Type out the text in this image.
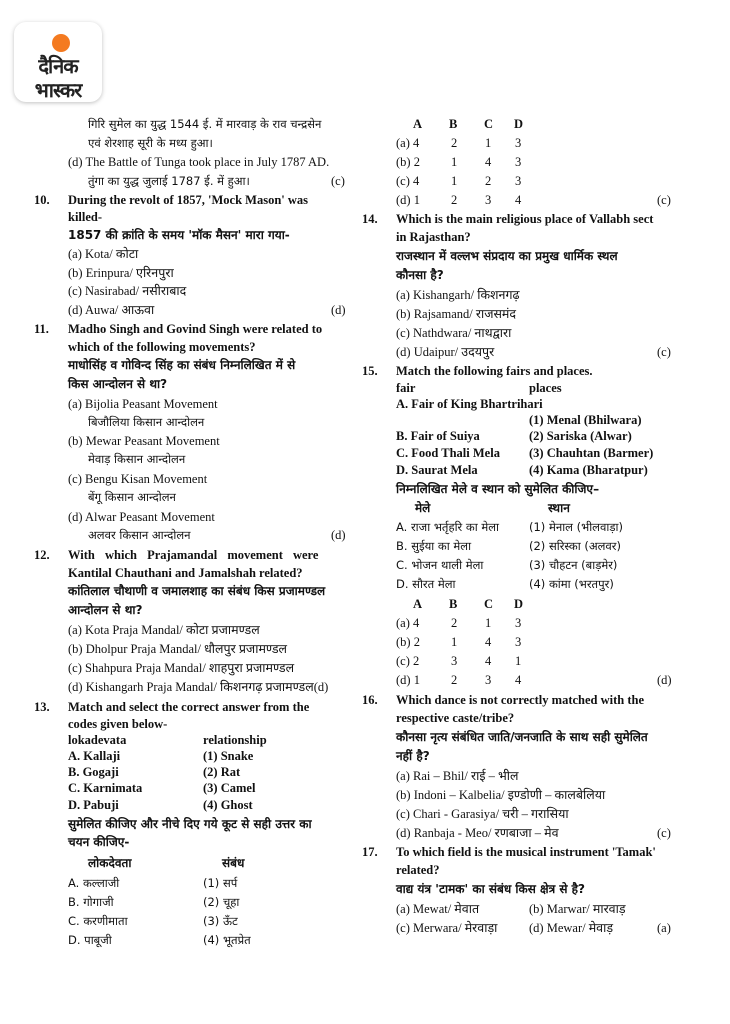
दैनिक
भास्कर
गिरि सुमेल का युद्ध 1544 ई. में मारवाड़ के राव चन्द्रसेन
एवं शेरशाह सूरी के मध्य हुआ।
(d) The Battle of Tunga took place in July 1787 AD.
तुंगा का युद्ध जुलाई 1787 ई. में हुआ।	(c)
10. During the revolt of 1857, 'Mock Mason' was
killed-
1857 की क्रांति के समय 'मॉक मैसन' मारा गया-
(a) Kota/ कोटा
(b) Erinpura/ एरिनपुरा
(c) Nasirabad/ नसीराबाद
(d) Auwa/ आऊवा	(d)
11. Madho Singh and Govind Singh were related to
which of the following movements?
माधोसिंह व गोविन्द सिंह का संबंध निम्नलिखित में से
किस आन्दोलन से था?
(a) Bijolia Peasant Movement
बिजौलिया किसान आन्दोलन
(b) Mewar Peasant Movement
मेवाड़ किसान आन्दोलन
(c) Bengu Kisan Movement
बेंगू किसान आन्दोलन
(d) Alwar Peasant Movement
अलवर किसान आन्दोलन	(d)
12. With which Prajamandal movement were
Kantilal Chauthani and Jamalshah related?
कांतिलाल चौथाणी व जमालशाह का संबंध किस प्रजामण्डल
आन्दोलन से था?
(a) Kota Praja Mandal/ कोटा प्रजामण्डल
(b) Dholpur Praja Mandal/ धौलपुर प्रजामण्डल
(c) Shahpura Praja Mandal/ शाहपुरा प्रजामण्डल
(d) Kishangarh Praja Mandal/ किशनगढ़ प्रजामण्डल(d)
13. Match and select the correct answer from the
codes given below-
lokadevata	relationship
A. Kallaji	(1) Snake
B. Gogaji	(2) Rat
C. Karnimata	(3) Camel
D. Pabuji	(4) Ghost
सुमेलित कीजिए और नीचे दिए गये कूट से सही उत्तर का
चयन कीजिए-
लोकदेवता	संबंध
A. कल्लाजी	(1) सर्प
B. गोगाजी	(2) चूहा
C. करणीमाता	(3) ऊँट
D. पाबूजी	(4) भूतप्रेत
A B C D
(a) 4	2 1 3
(b) 2 1 4 3
(c) 4	1 2 3
(d) 1 2 3 4	(c)
14. Which is the main religious place of Vallabh sect
in Rajasthan?
राजस्थान में वल्लभ संप्रदाय का प्रमुख धार्मिक स्थल
कौनसा है?
(a) Kishangarh/ किशनगढ़
(b) Rajsamand/ राजसमंद
(c) Nathdwara/ नाथद्वारा
(d) Udaipur/ उदयपुर	(c)
15. Match the following fairs and places.
fair	places
A. Fair of King Bhartrihari
(1) Menal (Bhilwara)
B. Fair of Suiya	(2) Sariska (Alwar)
C. Food Thali Mela (3) Chauhtan (Barmer)
D. Saurat Mela	(4) Kama (Bharatpur)
निम्नलिखित मेले व स्थान को सुमेलित कीजिए–
मेले	स्थान
A. राजा भर्तृहरि का मेला	(1) मेनाल (भीलवाड़ा)
B. सुईया का मेला	(2) सरिस्का (अलवर)
C. भोजन थाली मेला	(3) चौहटन (बाड़मेर)
D. सौरत मेला	(4) कांमा (भरतपुर)
A B C D
(a) 4	2 1 3
(b) 2 1 4 3
(c) 2	3 4 1
(d) 1 2 3 4	(d)
16. Which dance is not correctly matched with the
respective caste/tribe?
कौनसा नृत्य संबंधित जाति/जनजाति के साथ सही सुमेलित
नहीं है?
(a) Rai – Bhil/ राई – भील
(b) Indoni – Kalbelia/ इण्डोणी – कालबेलिया
(c) Chari - Garasiya/ चरी – गरासिया
(d) Ranbaja - Meo/ रणबाजा – मेव	(c)
17. To which field is the musical instrument 'Tamak'
related?
वाद्य यंत्र 'टामक' का संबंध किस क्षेत्र से है?
(a) Mewat/ मेवात	(b) Marwar/ मारवाड़
(c) Merwara/ मेरवाड़ा	(d) Mewar/ मेवाड़	(a)
